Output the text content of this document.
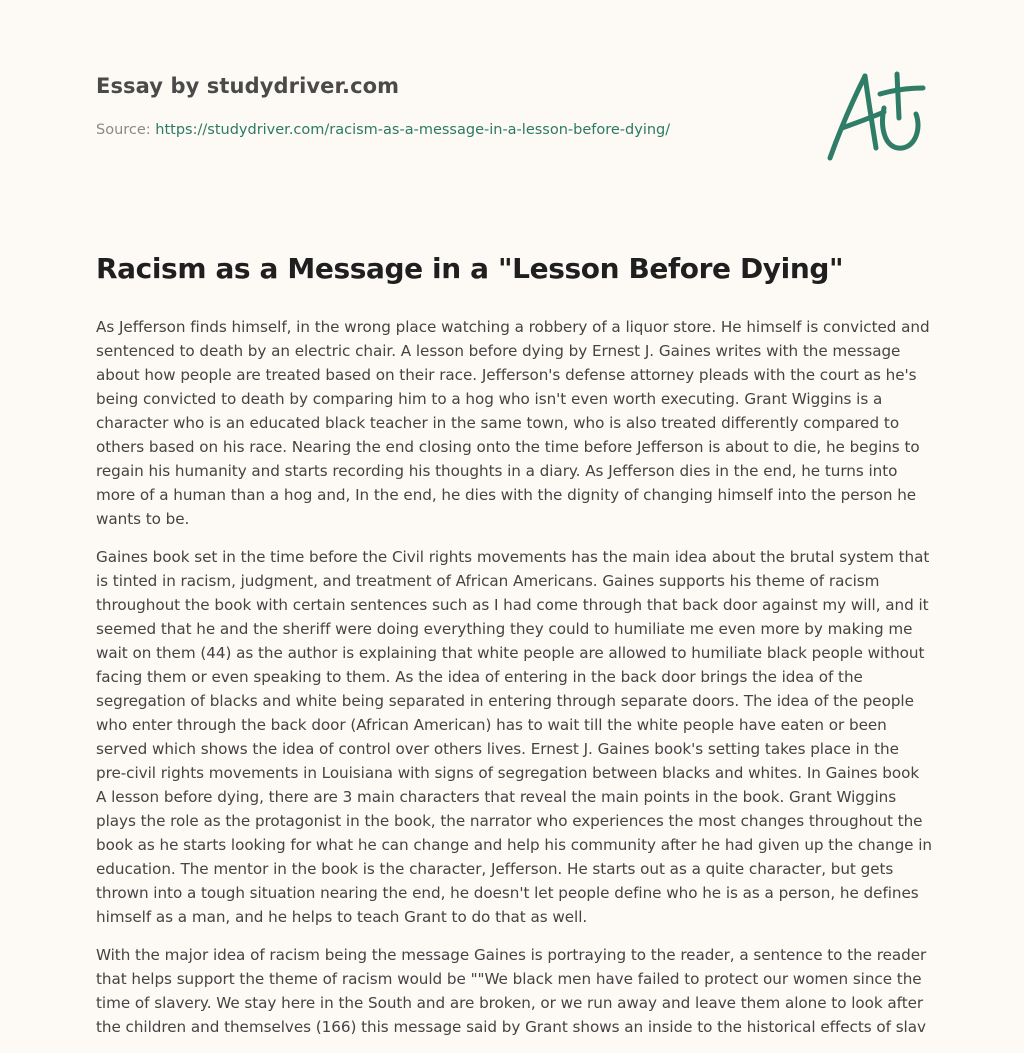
Essay by studydriver.com
Source: https://studydriver.com/racism-as-a-message-in-a-lesson-before-dying/
Racism as a Message in a "Lesson Before Dying"

As Jefferson finds himself, in the wrong place watching a robbery of a liquor store. He himself is convicted and sentenced to death by an electric chair. A lesson before dying by Ernest J. Gaines writes with the message about how people are treated based on their race. Jefferson's defense attorney pleads with the court as he's being convicted to death by comparing him to a hog who isn't even worth executing. Grant Wiggins is a character who is an educated black teacher in the same town, who is also treated differently compared to others based on his race. Nearing the end closing onto the time before Jefferson is about to die, he begins to regain his humanity and starts recording his thoughts in a diary. As Jefferson dies in the end, he turns into more of a human than a hog and, In the end, he dies with the dignity of changing himself into the person he wants to be.

Gaines book set in the time before the Civil rights movements has the main idea about the brutal system that is tinted in racism, judgment, and treatment of African Americans. Gaines supports his theme of racism throughout the book with certain sentences such as I had come through that back door against my will, and it seemed that he and the sheriff were doing everything they could to humiliate me even more by making me wait on them (44) as the author is explaining that white people are allowed to humiliate black people without facing them or even speaking to them. As the idea of entering in the back door brings the idea of the segregation of blacks and white being separated in entering through separate doors. The idea of the people who enter through the back door (African American) has to wait till the white people have eaten or been served which shows the idea of control over others lives. Ernest J. Gaines book's setting takes place in the pre-civil rights movements in Louisiana with signs of segregation between blacks and whites. In Gaines book A lesson before dying, there are 3 main characters that reveal the main points in the book. Grant Wiggins plays the role as the protagonist in the book, the narrator who experiences the most changes throughout the book as he starts looking for what he can change and help his community after he had given up the change in education. The mentor in the book is the character, Jefferson. He starts out as a quite character, but gets thrown into a tough situation nearing the end, he doesn't let people define who he is as a person, he defines himself as a man, and he helps to teach Grant to do that as well.

With the major idea of racism being the message Gaines is portraying to the reader, a sentence to the reader that helps support the theme of racism would be ""We black men have failed to protect our women since the time of slavery. We stay here in the South and are broken, or we run away and leave them alone to look after the children and themselves (166) this message said by Grant shows an inside to the historical effects of slav
